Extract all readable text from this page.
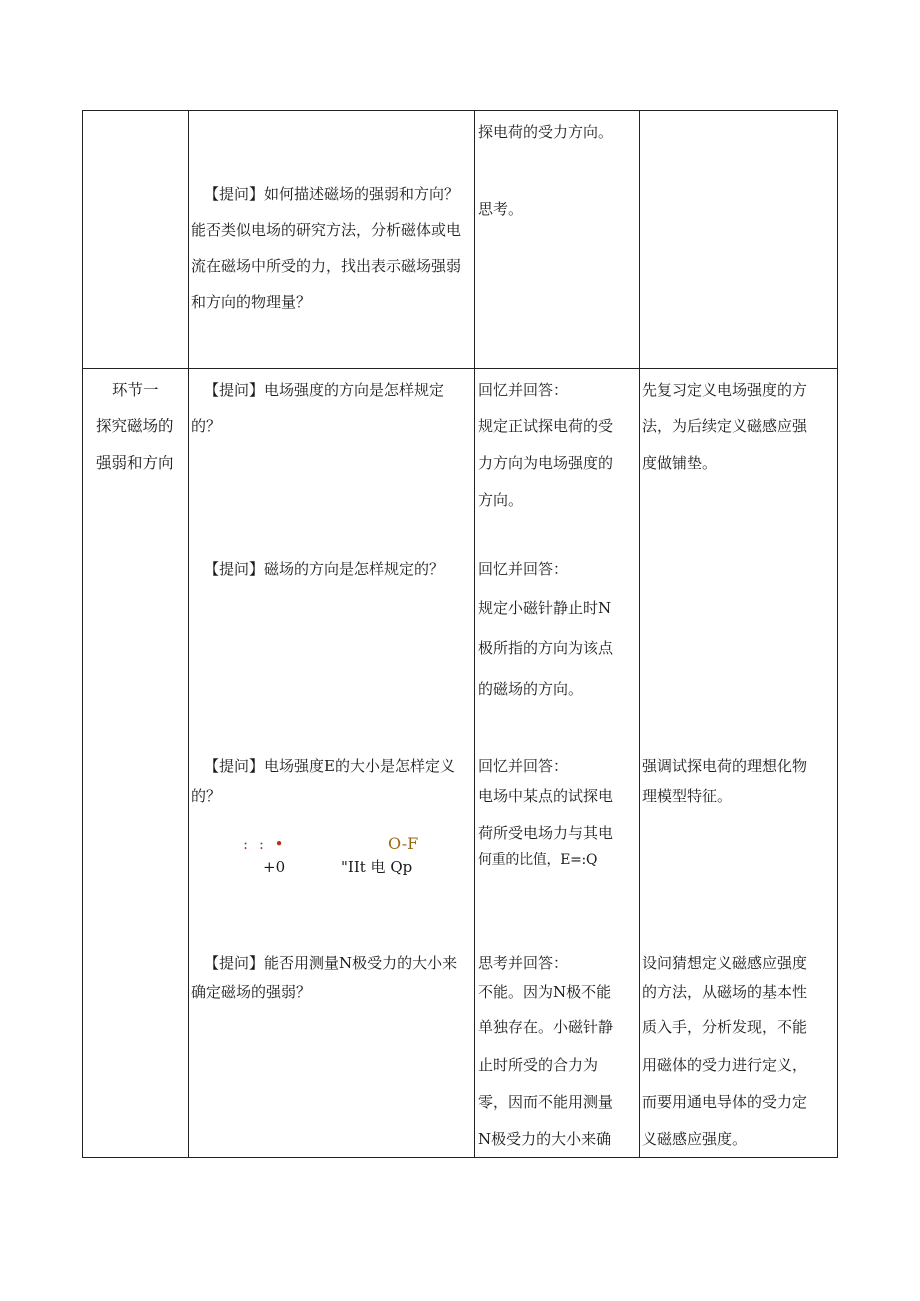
探电荷的受力方向。
【提问】如何描述磁场的强弱和方向？
能否类似电场的研究方法，分析磁体或电
流在磁场中所受的力，找出表示磁场强弱
和方向的物理量？
思考。
环节一
探究磁场的
强弱和方向
【提问】电场强度的方向是怎样规定
的？
回忆并回答：
规定正试探电荷的受
力方向为电场强度的
方向。
先复习定义电场强度的方
法，为后续定义磁感应强
度做铺垫。
【提问】磁场的方向是怎样规定的？ 回忆并回答：
规定小磁针静止时N
极所指的方向为该点
的磁场的方向。
【提问】电场强度E的大小是怎样定义
的？
: : •	O-F
+0	"IIt 电 Qp
回忆并回答：
电场中某点的试探电
荷所受电场力与其电
何重的比值，E=:Q
强调试探电荷的理想化物
理模型特征。
【提问】能否用测量N极受力的大小来
确定磁场的强弱？
思考并回答：
不能。因为N极不能
单独存在。小磁针静
止时所受的合力为
零，因而不能用测量
N极受力的大小来确
设问猜想定义磁感应强度
的方法，从磁场的基本性
质入手，分析发现，不能
用磁体的受力进行定义，
而要用通电导体的受力定
义磁感应强度。
